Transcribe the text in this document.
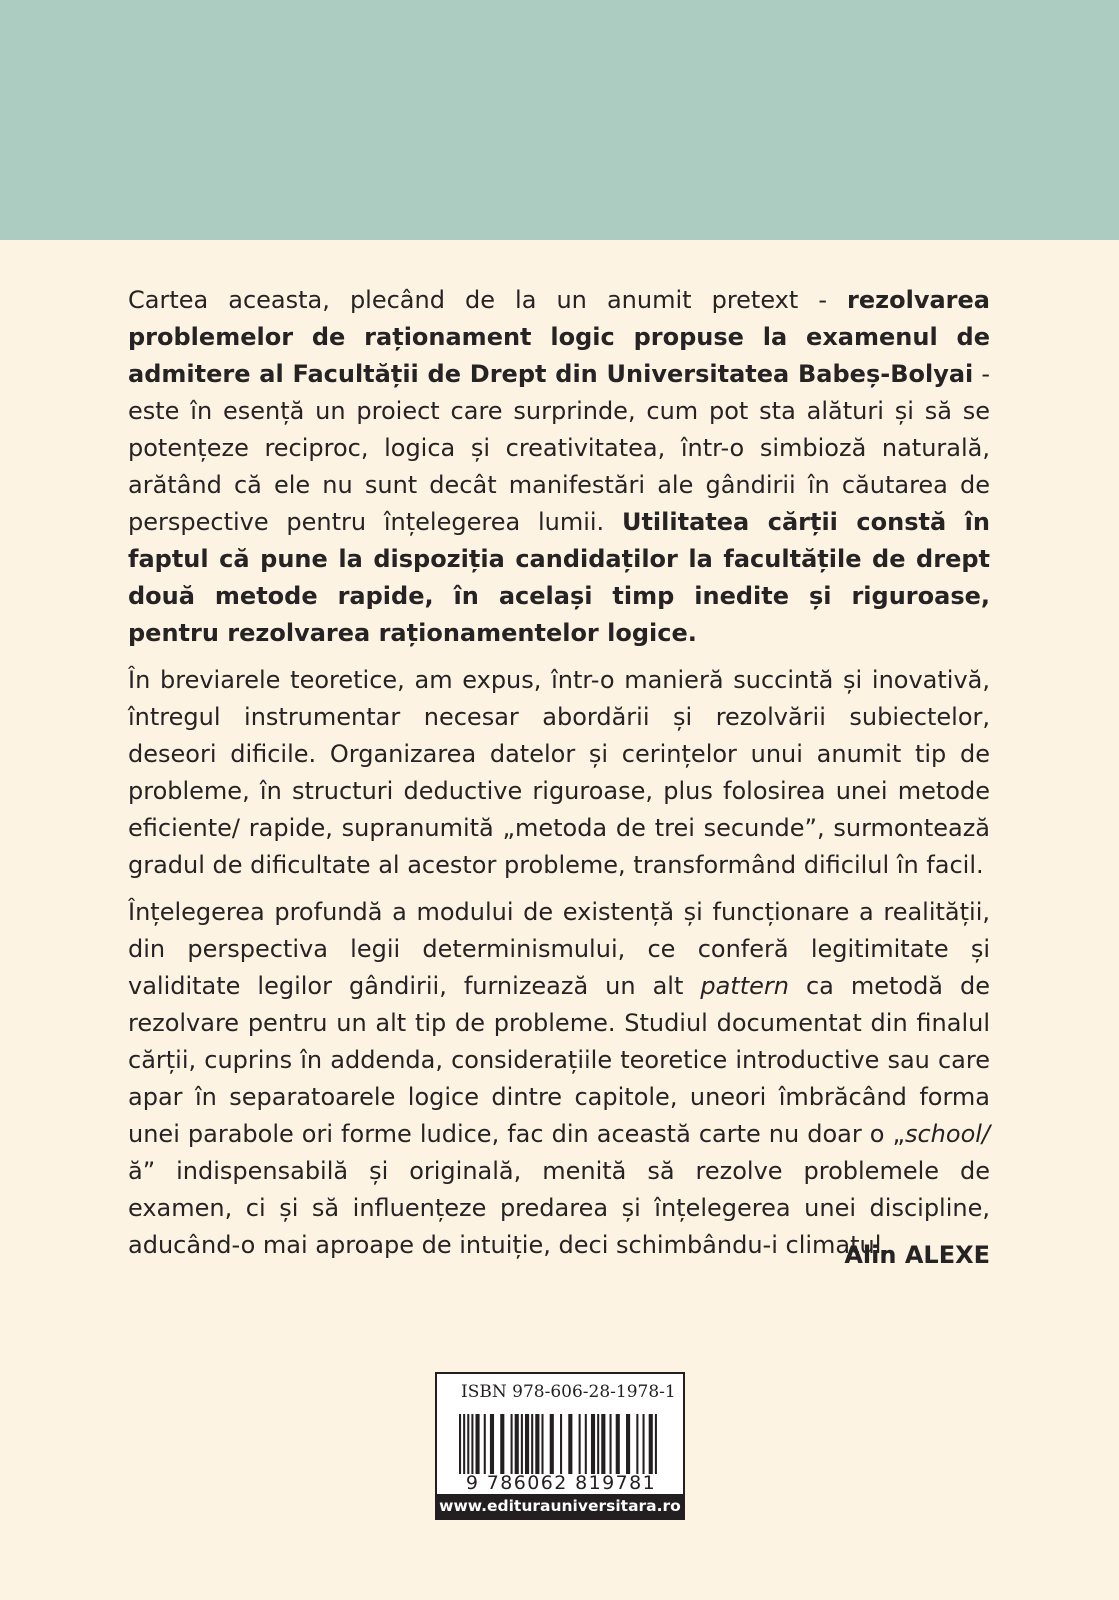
Cartea aceasta, plecând de la un anumit pretext - rezolvarea problemelor de raționament logic propuse la examenul de admitere al Facultății de Drept din Universitatea Babeș-Bolyai - este în esență un proiect care surprinde, cum pot sta alături și să se potențeze reciproc, logica și creativitatea, într-o simbioză naturală, arătând că ele nu sunt decât manifestări ale gândirii în căutarea de perspective pentru înțelegerea lumii. Utilitatea cărții constă în faptul că pune la dispoziția candidaților la facultățile de drept două metode rapide, în același timp inedite și riguroase, pentru rezolvarea raționamentelor logice.

În breviarele teoretice, am expus, într-o manieră succintă și inovativă, întregul instrumentar necesar abordării și rezolvării subiectelor, deseori dificile. Organizarea datelor și cerințelor unui anumit tip de probleme, în structuri deductive riguroase, plus folosirea unei metode eficiente/ rapide, supranumită „metoda de trei secunde”, surmontează gradul de dificultate al acestor probleme, transformând dificilul în facil.

Înțelegerea profundă a modului de existență și funcționare a realității, din perspectiva legii determinismului, ce conferă legitimitate și validitate legilor gândirii, furnizează un alt pattern ca metodă de rezolvare pentru un alt tip de probleme. Studiul documentat din finalul cărții, cuprins în addenda, considerațiile teoretice introductive sau care apar în separatoarele logice dintre capitole, uneori îmbrăcând forma unei parabole ori forme ludice, fac din această carte nu doar o „school/ă” indispensabilă și originală, menită să rezolve problemele de examen, ci și să influențeze predarea și înțelegerea unei discipline, aducând-o mai aproape de intuiție, deci schimbându-i climatul.

Alin ALEXE
ISBN 978-606-28-1978-1
9 786062 819781
www.editurauniversitara.ro
